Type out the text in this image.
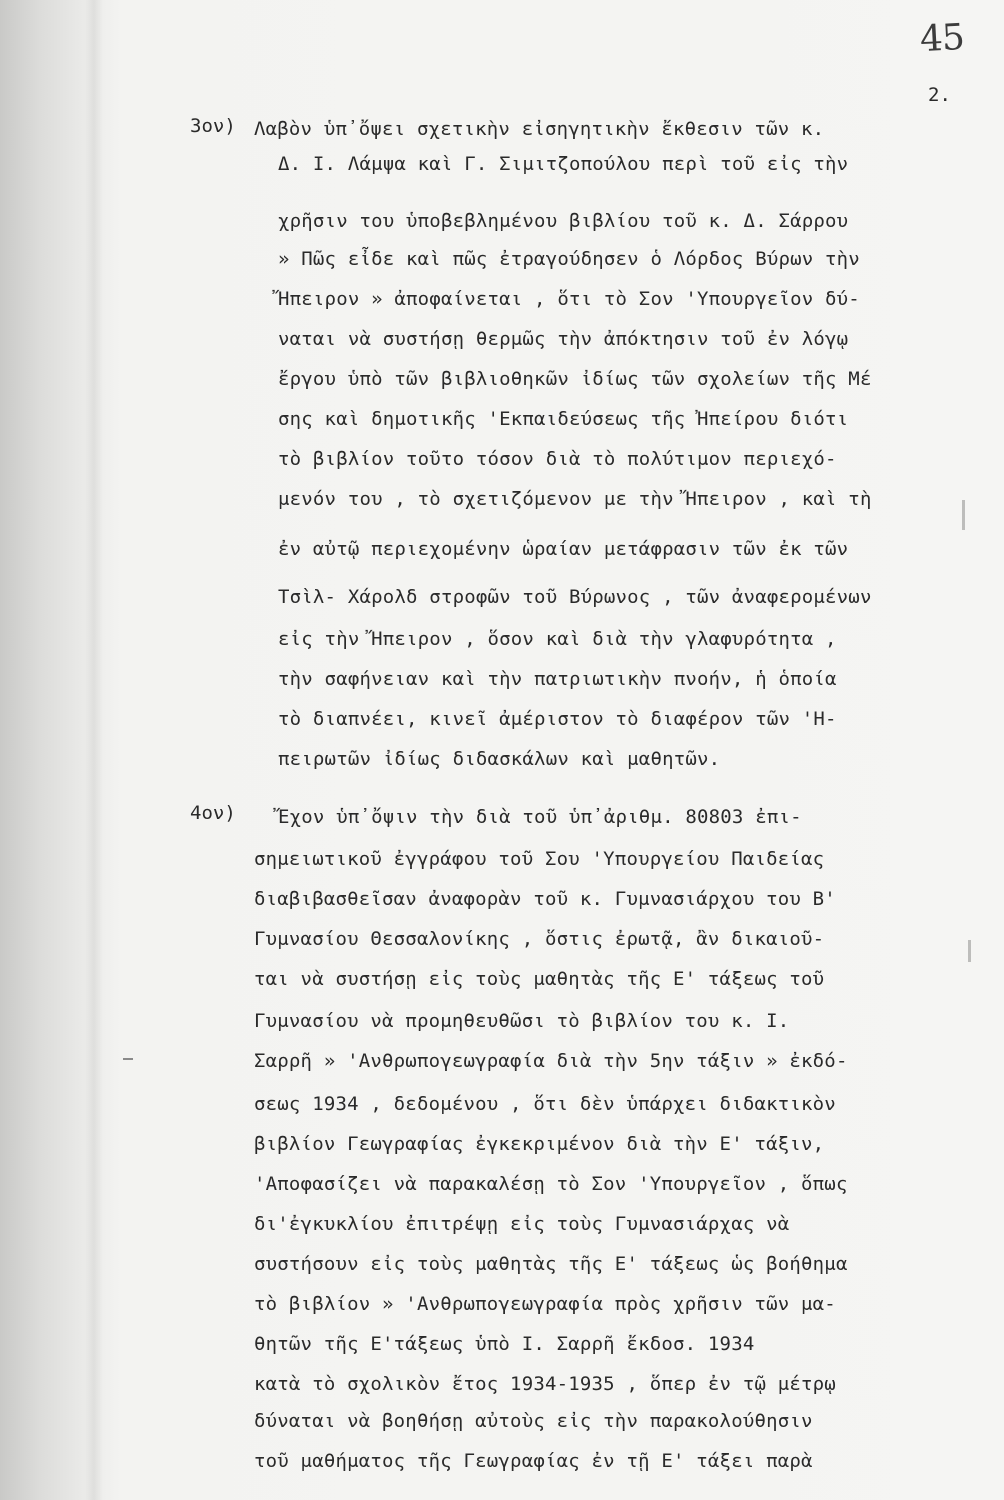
45
2.
3ον) Λαβὸν ὑπ᾽ὄψει σχετικὴν εἰσηγητικὴν ἔκθεσιν τῶν κ.
Δ. Ι. Λάμψα καὶ Γ. Σιμιτζοπούλου περὶ τοῦ εἰς τὴν
χρῆσιν του ὑποβεβλημένου βιβλίου τοῦ κ. Δ. Σάρρου
» Πῶς εἶδε καὶ πῶς ἐτραγούδησεν ὁ Λόρδος Βύρων τὴν
Ἤπειρον » ἀποφαίνεται , ὅτι τὸ Σον 'Υπουργεῖον δύ-
ναται νὰ συστήσῃ θερμῶς τὴν ἀπόκτησιν τοῦ ἐν λόγῳ
ἔργου ὑπὸ τῶν βιβλιοθηκῶν ἰδίως τῶν σχολείων τῆς Μέ
σης καὶ δημοτικῆς 'Εκπαιδεύσεως τῆς Ἠπείρου διότι
τὸ βιβλίον τοῦτο τόσον διὰ τὸ πολύτιμον περιεχό-
μενόν του , τὸ σχετιζόμενον με τὴν Ἤπειρον , καὶ τὴ
ἐν αὐτῷ περιεχομένην ὡραίαν μετάφρασιν τῶν ἐκ τῶν
Τσὶλ- Χάρολδ στροφῶν τοῦ Βύρωνος , τῶν ἀναφερομένων
εἰς τὴν Ἤπειρον , ὅσον καὶ διὰ τὴν γλαφυρότητα ,
τὴν σαφήνειαν καὶ τὴν πατριωτικὴν πνοήν, ἡ ὁποία
τὸ διαπνέει, κινεῖ ἀμέριστον τὸ διαφέρον τῶν 'Η-
πειρωτῶν ἰδίως διδασκάλων καὶ μαθητῶν.
4ον) Ἔχον ὑπ᾽ὄψιν τὴν διὰ τοῦ ὑπ᾽ἀριθμ. 80803 ἐπι-
σημειωτικοῦ ἐγγράφου τοῦ Σου 'Υπουργείου Παιδείας
διαβιβασθεῖσαν ἀναφορὰν τοῦ κ. Γυμνασιάρχου του Β'
Γυμνασίου Θεσσαλονίκης , ὅστις ἐρωτᾷ, ἂν δικαιοῦ-
ται νὰ συστήσῃ εἰς τοὺς μαθητὰς τῆς Ε' τάξεως τοῦ
Γυμνασίου νὰ προμηθευθῶσι τὸ βιβλίον του κ. Ι.
Σαρρῆ » 'Ανθρωπογεωγραφία διὰ τὴν 5ην τάξιν » ἐκδό-
σεως 1934 , δεδομένου , ὅτι δὲν ὑπάρχει διδακτικὸν
βιβλίον Γεωγραφίας ἐγκεκριμένον διὰ τὴν Ε' τάξιν,
'Αποφασίζει νὰ παρακαλέσῃ τὸ Σον 'Υπουργεῖον , ὅπως
δι'ἐγκυκλίου ἐπιτρέψῃ εἰς τοὺς Γυμνασιάρχας νὰ
συστήσουν εἰς τοὺς μαθητὰς τῆς Ε' τάξεως ὡς βοήθημα
τὸ βιβλίον » 'Ανθρωπογεωγραφία πρὸς χρῆσιν τῶν μα-
θητῶν τῆς Ε'τάξεως ὑπὸ Ι. Σαρρῆ ἔκδοσ. 1934
κατὰ τὸ σχολικὸν ἔτος 1934-1935 , ὅπερ ἐν τῷ μέτρῳ
δύναται νὰ βοηθήσῃ αὐτοὺς εἰς τὴν παρακολούθησιν
τοῦ μαθήματος τῆς Γεωγραφίας ἐν τῇ Ε' τάξει παρὰ
